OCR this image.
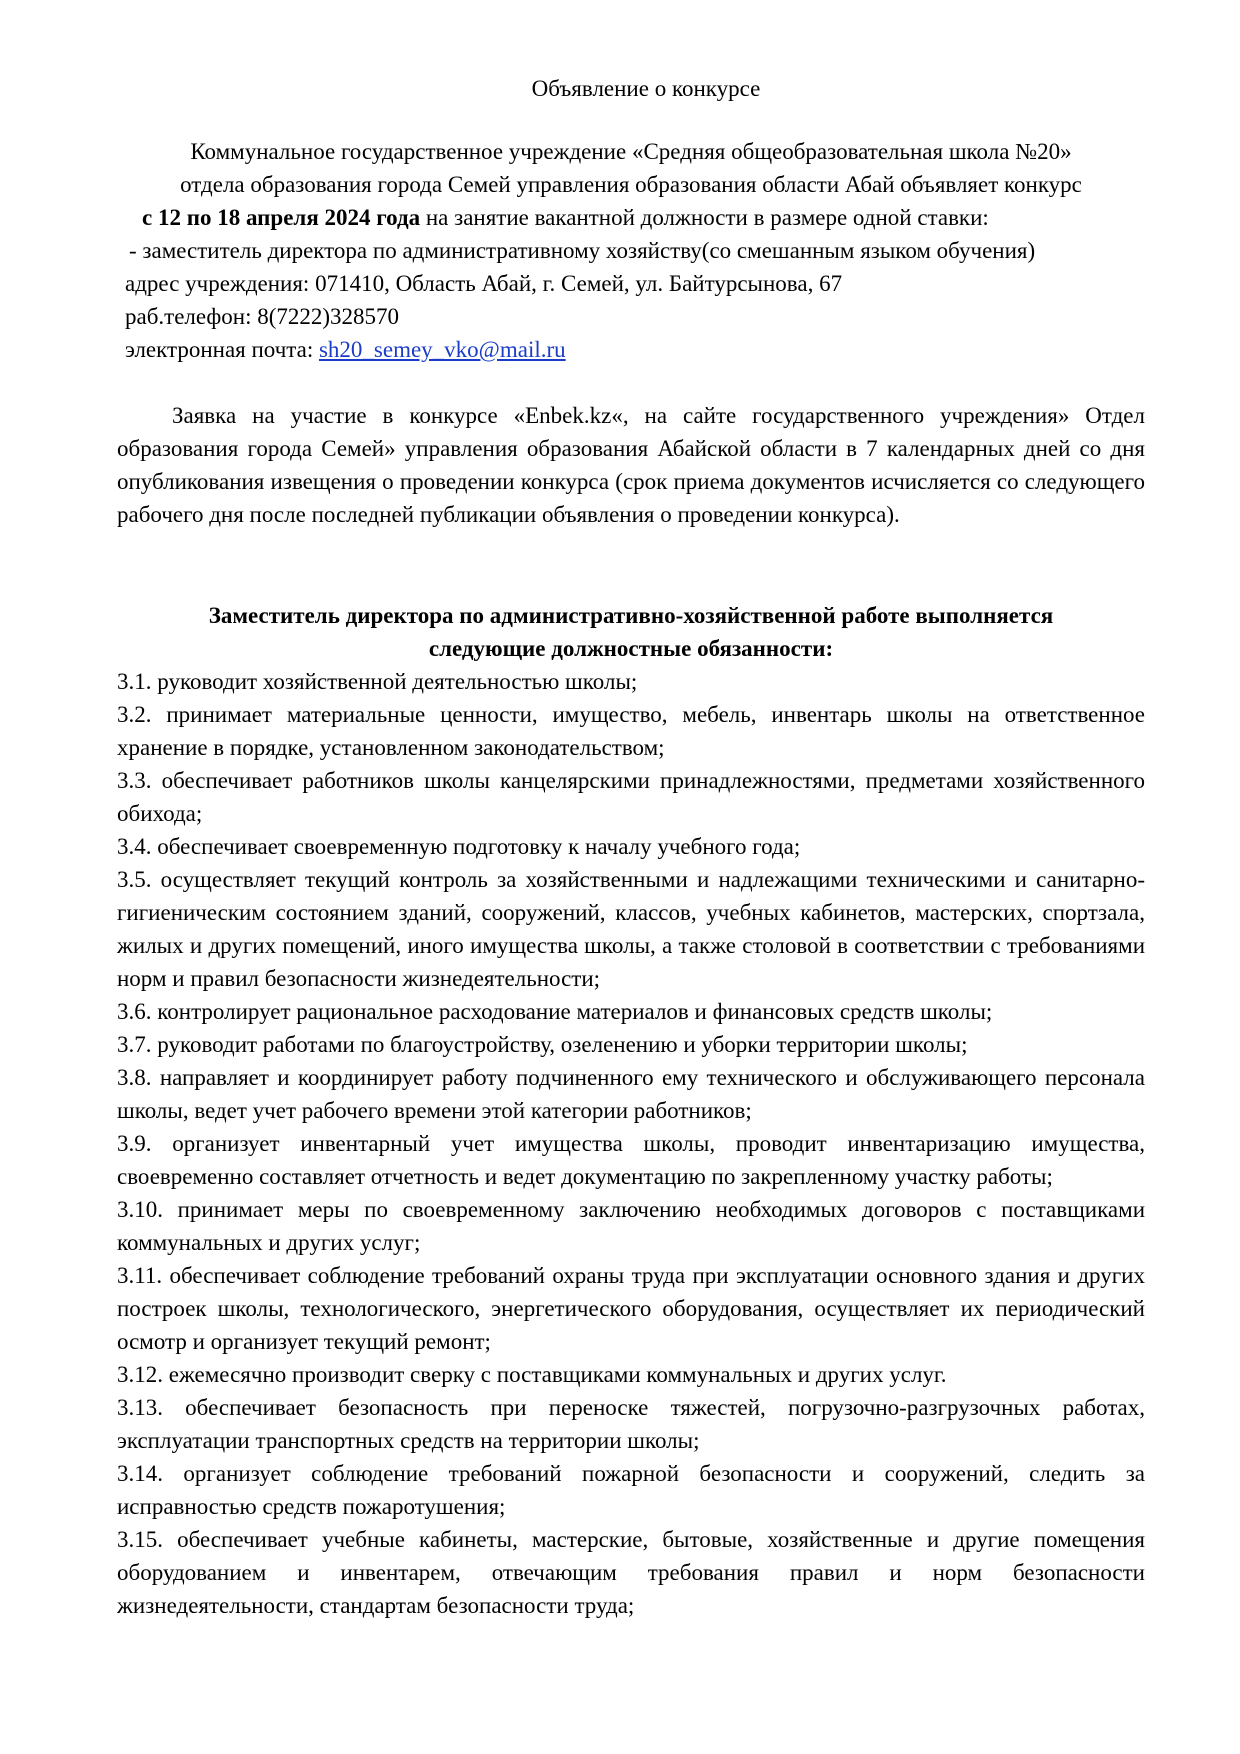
Объявление о конкурсе
Коммунальное государственное учреждение «Средняя общеобразовательная школа №20»
отдела образования города Семей управления образования области Абай объявляет конкурс
с 12 по 18 апреля 2024 года на занятие вакантной должности в размере одной ставки:
- заместитель директора по административному хозяйству(со смешанным языком обучения)
адрес учреждения: 071410, Область Абай, г. Семей, ул. Байтурсынова, 67
раб.телефон: 8(7222)328570
электронная почта: sh20_semey_vko@mail.ru

Заявка на участие в конкурсе «Enbek.kz«, на сайте государственного учреждения» Отдел образования города Семей» управления образования Абайской области в 7 календарных дней со дня опубликования извещения о проведении конкурса (срок приема документов исчисляется со следующего рабочего дня после последней публикации объявления о проведении конкурса).

Заместитель директора по административно-хозяйственной работе выполняется
следующие должностные обязанности:
3.1. руководит хозяйственной деятельностью школы;
3.2. принимает материальные ценности, имущество, мебель, инвентарь школы на ответственное хранение в порядке, установленном законодательством;
3.3. обеспечивает работников школы канцелярскими принадлежностями, предметами хозяйственного обихода;
3.4. обеспечивает своевременную подготовку к началу учебного года;
3.5. осуществляет текущий контроль за хозяйственными и надлежащими техническими и санитарно-гигиеническим состоянием зданий, сооружений, классов, учебных кабинетов, мастерских, спортзала, жилых и других помещений, иного имущества школы, а также столовой в соответствии с требованиями норм и правил безопасности жизнедеятельности;
3.6. контролирует рациональное расходование материалов и финансовых средств школы;
3.7. руководит работами по благоустройству, озеленению и уборки территории школы;
3.8. направляет и координирует работу подчиненного ему технического и обслуживающего персонала школы, ведет учет рабочего времени этой категории работников;
3.9. организует инвентарный учет имущества школы, проводит инвентаризацию имущества, своевременно составляет отчетность и ведет документацию по закрепленному участку работы;
3.10. принимает меры по своевременному заключению необходимых договоров с поставщиками коммунальных и других услуг;
3.11. обеспечивает соблюдение требований охраны труда при эксплуатации основного здания и других построек школы, технологического, энергетического оборудования, осуществляет их периодический осмотр и организует текущий ремонт;
3.12. ежемесячно производит сверку с поставщиками коммунальных и других услуг.
3.13. обеспечивает безопасность при переноске тяжестей, погрузочно-разгрузочных работах, эксплуатации транспортных средств на территории школы;
3.14. организует соблюдение требований пожарной безопасности и сооружений, следить за исправностью средств пожаротушения;
3.15. обеспечивает учебные кабинеты, мастерские, бытовые, хозяйственные и другие помещения оборудованием и инвентарем, отвечающим требования правил и норм безопасности жизнедеятельности, стандартам безопасности труда;
